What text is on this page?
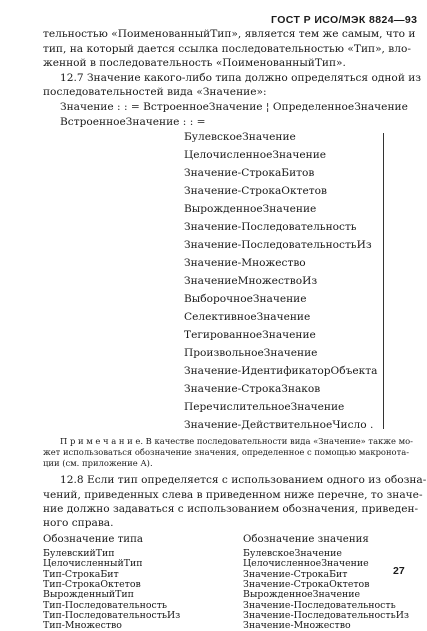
ГОСТ Р ИСО/МЭК 8824—93
тельностью «ПоименованныйТип», является тем же самым, что и
тип, на который дается ссылка последовательностью «Тип», вло-
женной в последовательность «ПоименованныйТип».
12.7 Значение какого-либо типа должно определяться одной из
последовательностей вида «Значение»:
Значение : : = ВстроенноеЗначение ¦ ОпределенноеЗначение
ВстроенноеЗначение : : =
БулевскоеЗначение
ЦелочисленноеЗначение
Значение-СтрокаБитов
Значение-СтрокаОктетов
ВырожденноеЗначение
Значение-Последовательность
Значение-ПоследовательностьИз
Значение-Множество
ЗначениеМножествоИз
ВыборочноеЗначение
СелективноеЗначение
ТегированноеЗначение
ПроизвольноеЗначение
Значение-ИдентификаторОбъекта
Значение-СтрокаЗнаков
ПеречислительноеЗначение
Значение-ДействительноеЧисло .
П р и м е ч а н и е. В качестве последовательности вида «Значение» также мо-
жет использоваться обозначение значения, определенное с помощью макронота-
ции (см. приложение А).
12.8 Если тип определяется с использованием одного из обозна-
чений, приведенных слева в приведенном ниже перечне, то значе-
ние должно задаваться с использованием обозначения, приведен-
ного справа.
Обозначение типа	Обозначение значения
БулевскийТип	БулевскоеЗначение
ЦелочисленныйТип	ЦелочисленноеЗначение
Тип-СтрокаБит	Значение-СтрокаБит
Тип-СтрокаОктетов	Значение-СтрокаОктетов
ВырожденныйТип	ВырожденноеЗначение
27
Тип-Последовательность	Значение-Последовательность
Тип-ПоследовательностьИз	Значение-ПоследовательностьИз
Тип-Множество	Значение-Множество
